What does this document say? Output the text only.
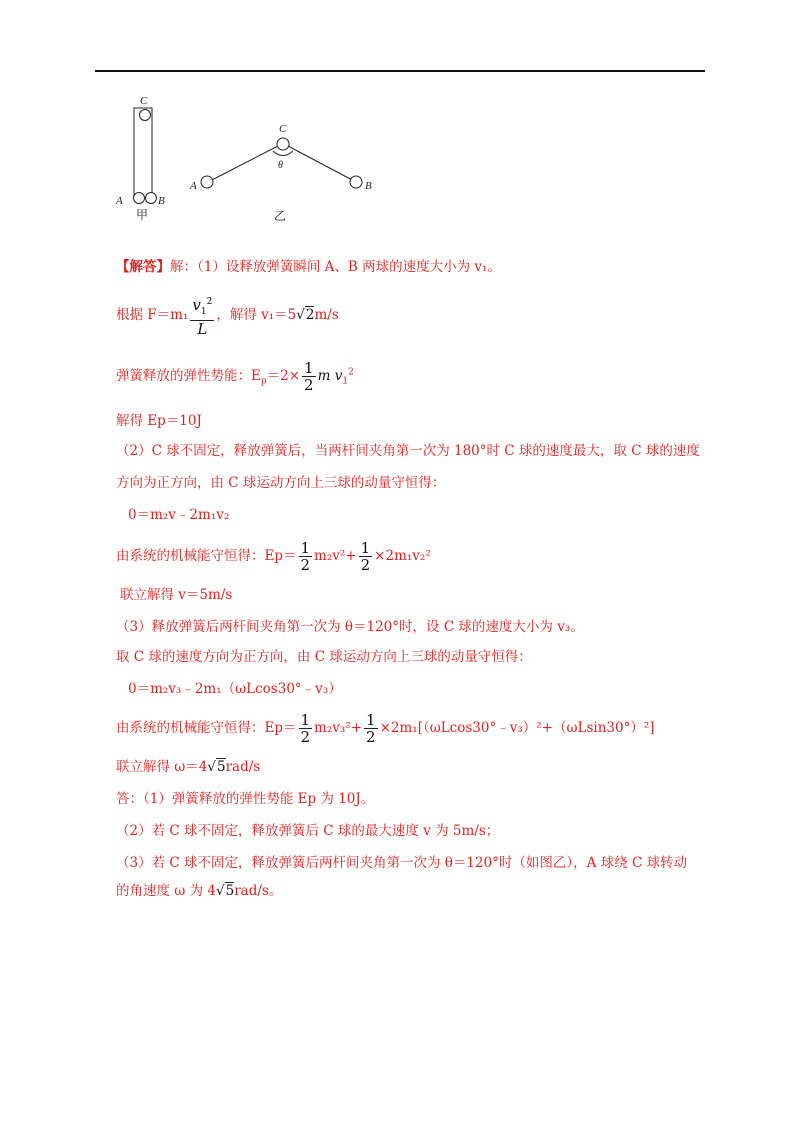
C
A	B
甲
C
θ
A	B
乙
【解答】解：（1）设释放弹簧瞬间 A、B 两球的速度大小为 v₁。
根据 $F=m_1 \frac{v_1^2}{L}$ ，解得 v₁＝5√2m/s
弹簧释放的弹性势能：$E_p=2\times \frac{1}{2}$ m $v_1^2$
解得 Ep＝10J
（2）C 球不固定，释放弹簧后，当两杆间夹角第一次为 180°时 C 球的速度最大，取 C 球的速度
方向为正方向，由 C 球运动方向上三球的动量守恒得：
0＝m₂v﹣2m₁v₂
由系统的机械能守恒得：$Ep= \frac{1}{2} m_2v^2+ \frac{1}{2} \times 2m_1v_2^2$
联立解得 v＝5m/s
（3）释放弹簧后两杆间夹角第一次为 θ＝120°时，设 C 球的速度大小为 v₃。
取 C 球的速度方向为正方向，由 C 球运动方向上三球的动量守恒得：
0＝m₂v₃﹣2m₁（ωLcos30°﹣v₃）
由系统的机械能守恒得：$Ep= \frac{1}{2} m_2v_3^2+ \frac{1}{2}$ ×2m₁[（ωLcos30°﹣v₃）²+（ωLsin30°）²]
联立解得 ω＝4√5rad/s
答：（1）弹簧释放的弹性势能 Ep 为 10J。
（2）若 C 球不固定，释放弹簧后 C 球的最大速度 v 为 5m/s；
（3）若 C 球不固定，释放弹簧后两杆间夹角第一次为 θ＝120°时（如图乙），A 球绕 C 球转动
的角速度 ω 为 4√5rad/s。
